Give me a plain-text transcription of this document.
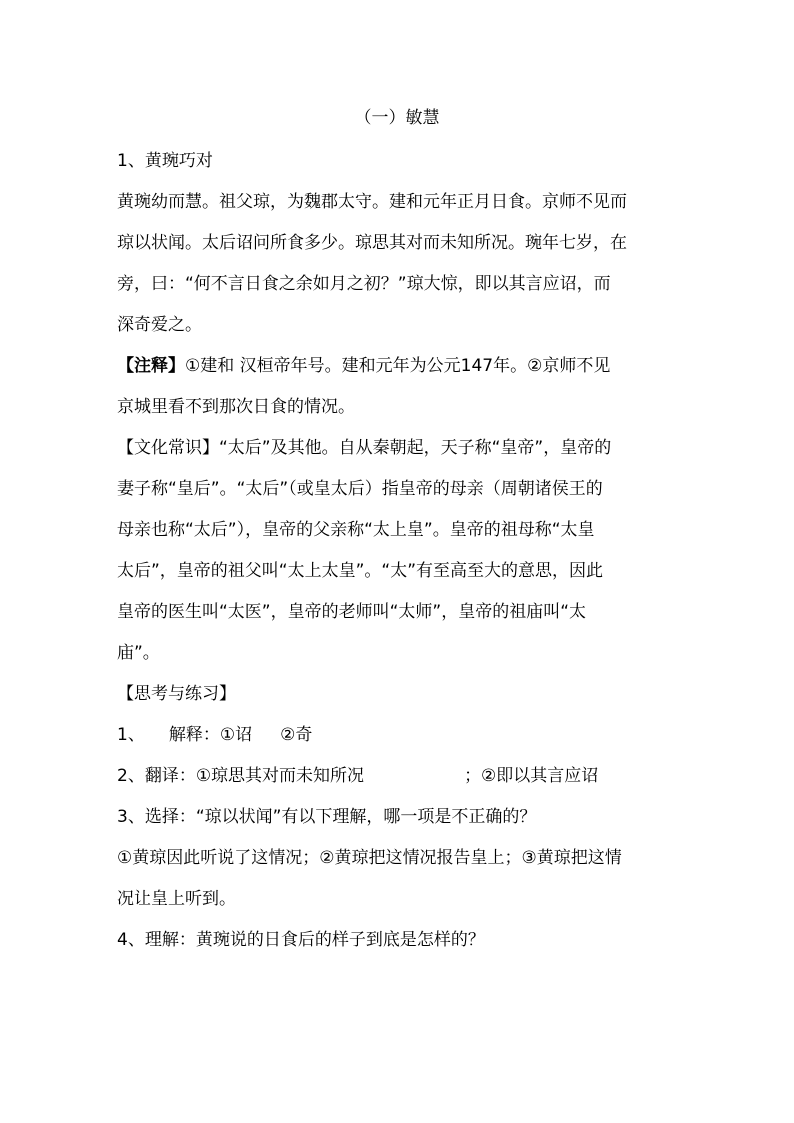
（一）敏慧
1、黄琬巧对
黄琬幼而慧。祖父琼，为魏郡太守。建和元年正月日食。京师不见而
琼以状闻。太后诏问所食多少。琼思其对而未知所况。琬年七岁，在
旁，曰：“何不言日食之余如月之初？”琼大惊，即以其言应诏，而
深奇爱之。
【注释】①建和 汉桓帝年号。建和元年为公元147年。②京师不见
京城里看不到那次日食的情况。
【文化常识】“太后”及其他。自从秦朝起，天子称“皇帝”，皇帝的
妻子称“皇后”。“太后”（或皇太后）指皇帝的母亲（周朝诸侯王的
母亲也称“太后”），皇帝的父亲称“太上皇”。皇帝的祖母称“太皇
太后”，皇帝的祖父叫“太上太皇”。“太”有至高至大的意思，因此
皇帝的医生叫“太医”，皇帝的老师叫“太师”，皇帝的祖庙叫“太
庙”。
【思考与练习】
1、 解释：①诏 ②奇
2、翻译：①琼思其对而未知所况	；②即以其言应诏
3、选择：“琼以状闻”有以下理解，哪一项是不正确的？
①黄琼因此听说了这情况；②黄琼把这情况报告皇上；③黄琼把这情
况让皇上听到。
4、理解：黄琬说的日食后的样子到底是怎样的？
